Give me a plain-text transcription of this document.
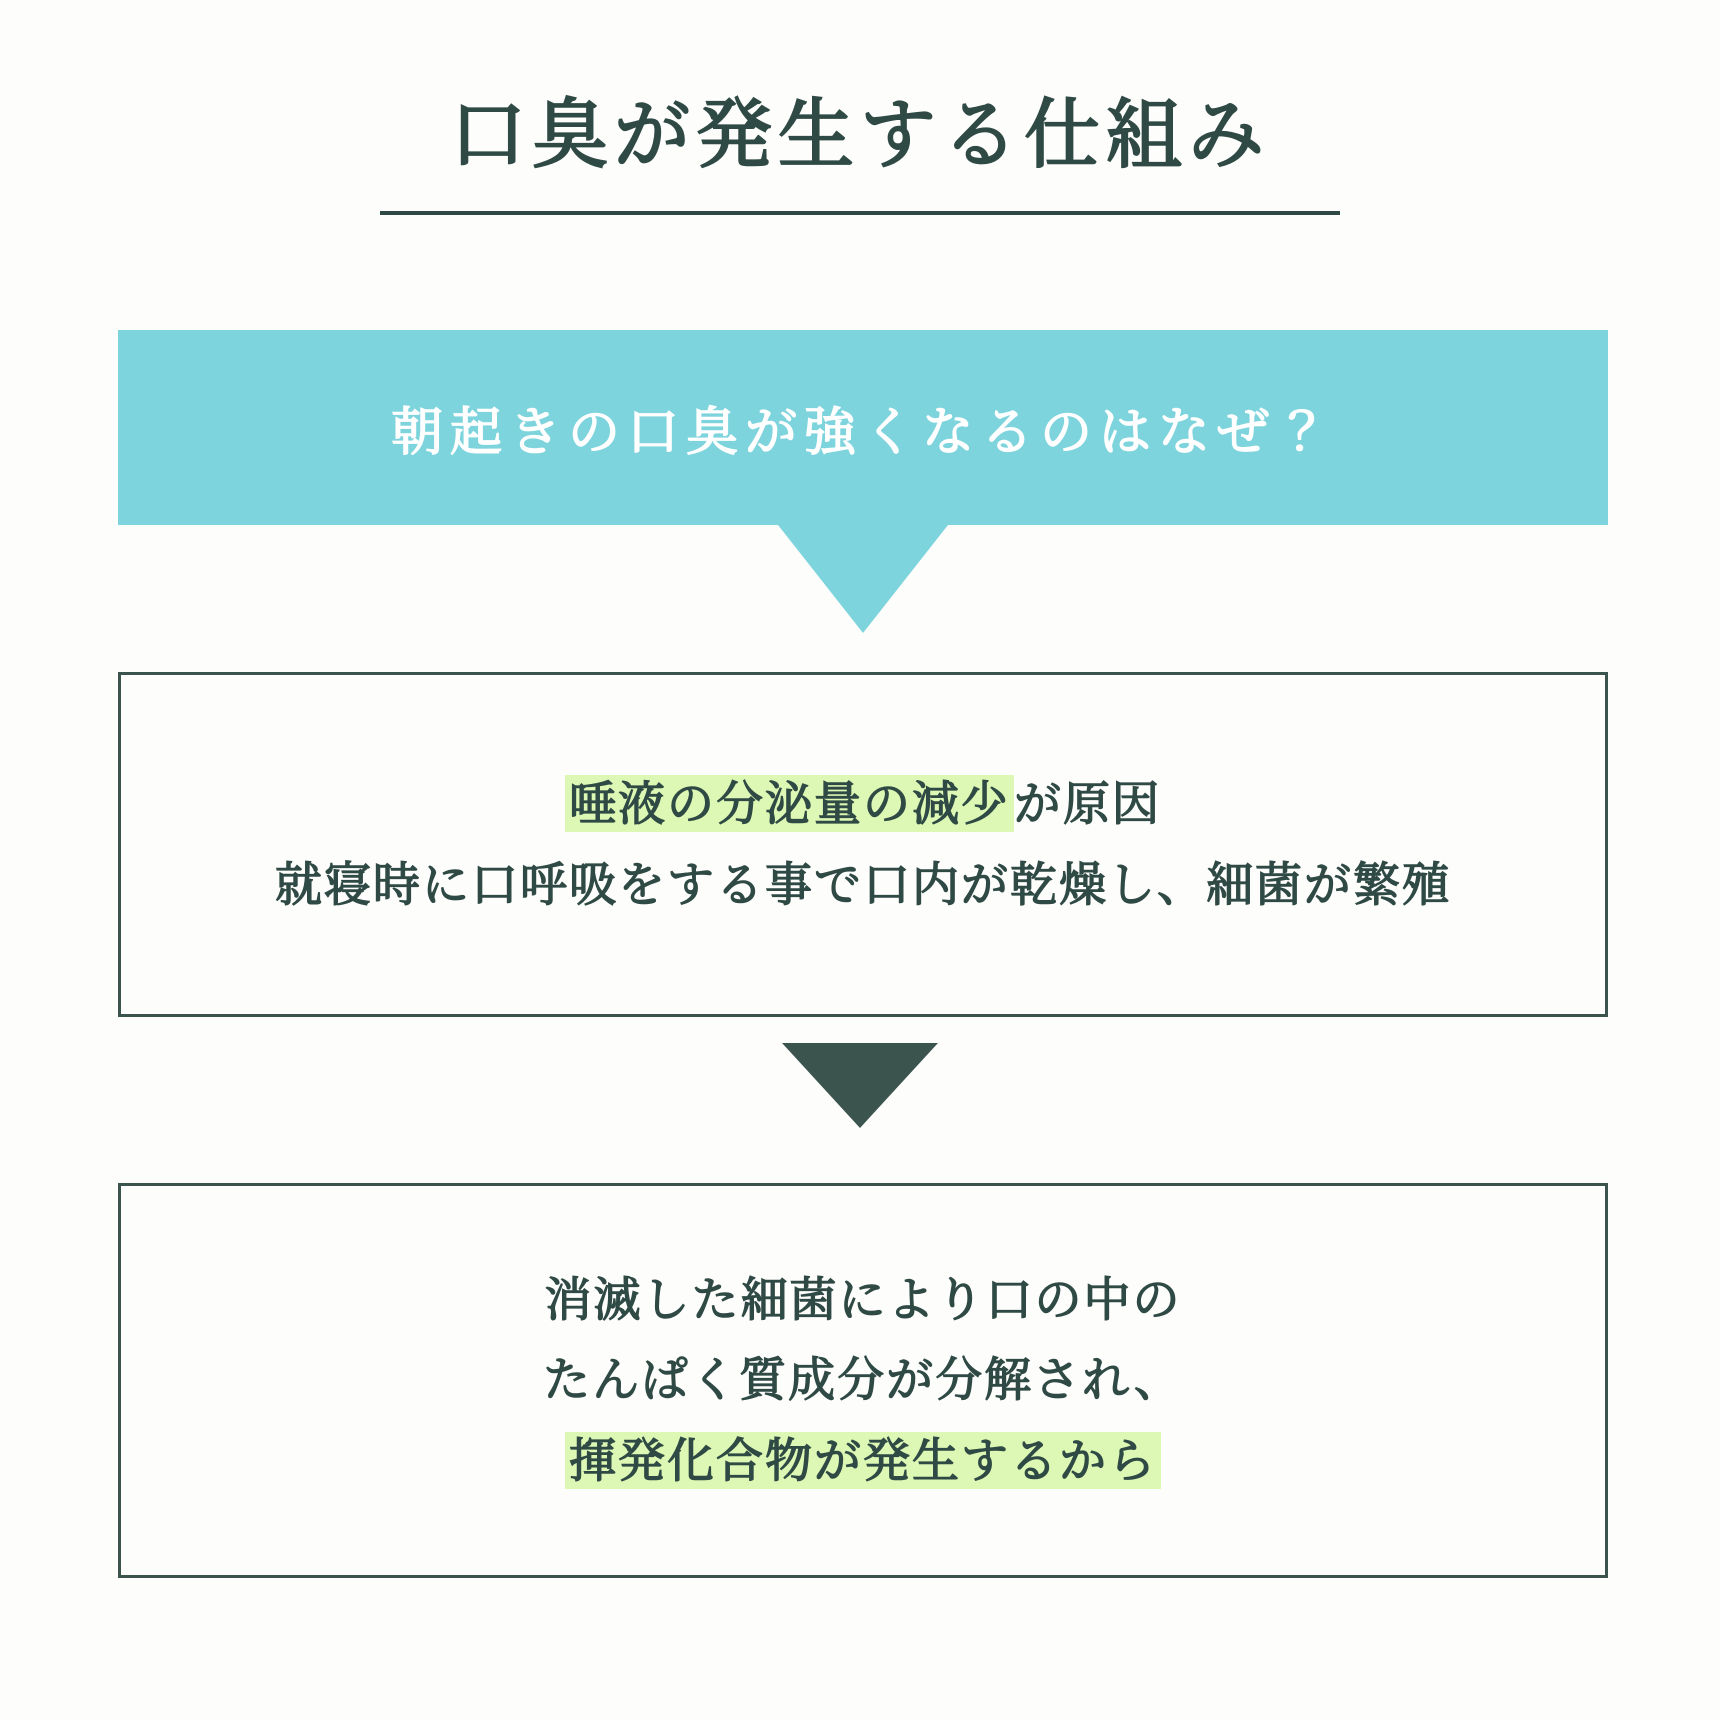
口臭が発生する仕組み
朝起きの口臭が強くなるのはなぜ？
唾液の分泌量の減少が原因
就寝時に口呼吸をする事で口内が乾燥し、細菌が繁殖
消滅した細菌により口の中の
たんぱく質成分が分解され、
揮発化合物が発生するから
